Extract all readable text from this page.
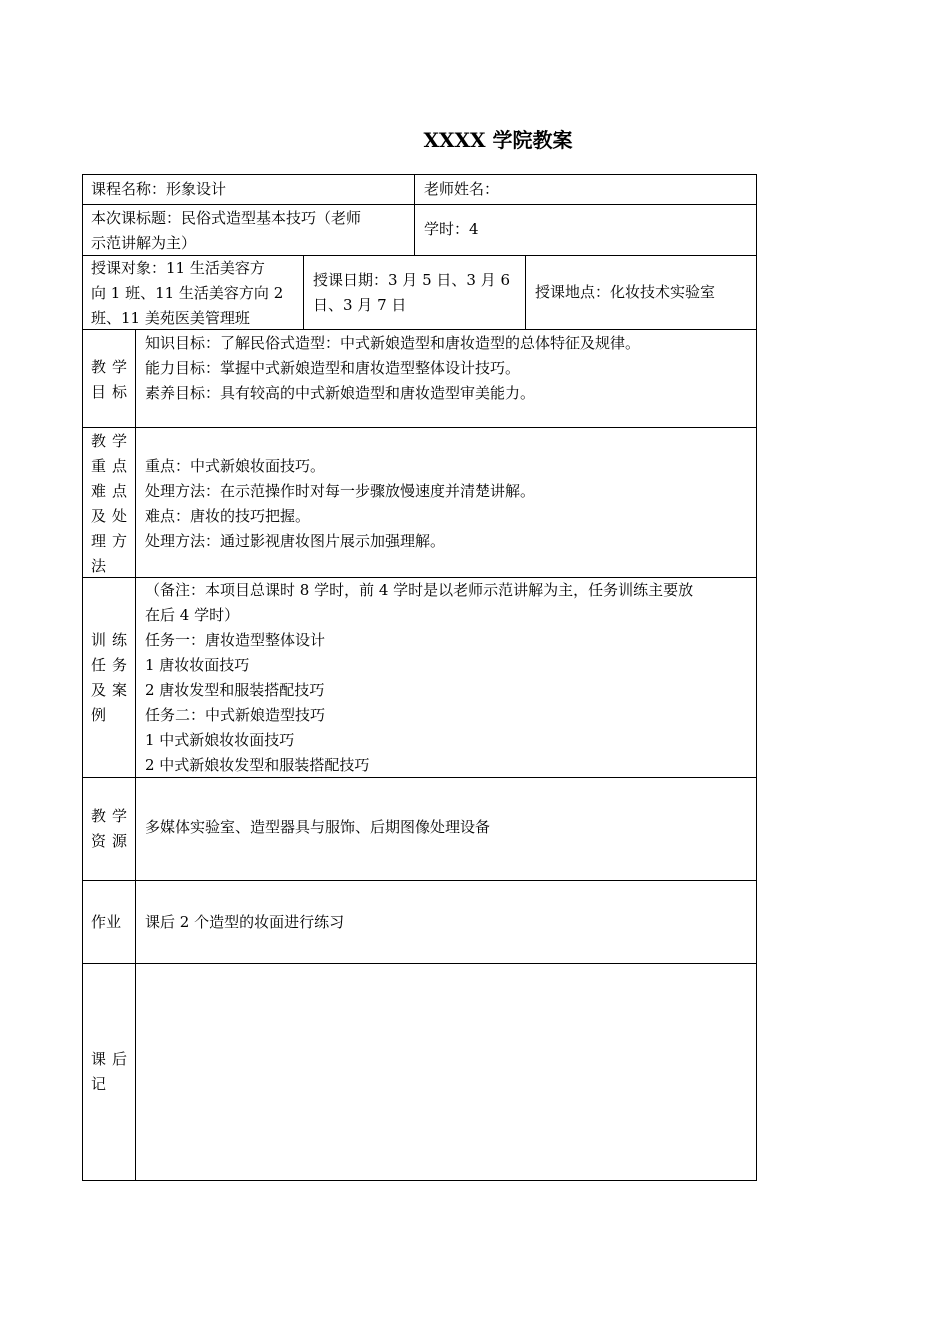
XXXX 学院教案
课程名称：形象设计	老师姓名：
本次课标题：民俗式造型基本技巧（老师
示范讲解为主）
学时：4
授课对象：11 生活美容方
向 1 班、11 生活美容方向 2
班、11 美苑医美管理班
授课日期：3 月 5 日、3 月 6
日、3 月 7 日
授课地点：化妆技术实验室
教学
目标
知识目标：了解民俗式造型：中式新娘造型和唐妆造型的总体特征及规律。
能力目标：掌握中式新娘造型和唐妆造型整体设计技巧。
素养目标：具有较高的中式新娘造型和唐妆造型审美能力。
教学
重点
难点
及处
理方
法
重点：中式新娘妆面技巧。
处理方法：在示范操作时对每一步骤放慢速度并清楚讲解。
难点：唐妆的技巧把握。
处理方法：通过影视唐妆图片展示加强理解。
训练
任务
及案
例
（备注：本项目总课时 8 学时，前 4 学时是以老师示范讲解为主，任务训练主要放
在后 4 学时）
任务一：唐妆造型整体设计
1 唐妆妆面技巧
2 唐妆发型和服装搭配技巧
任务二：中式新娘造型技巧
1 中式新娘妆妆面技巧
2 中式新娘妆发型和服装搭配技巧
教学
资源
多媒体实验室、造型器具与服饰、后期图像处理设备
作业 课后 2 个造型的妆面进行练习
课后
记
